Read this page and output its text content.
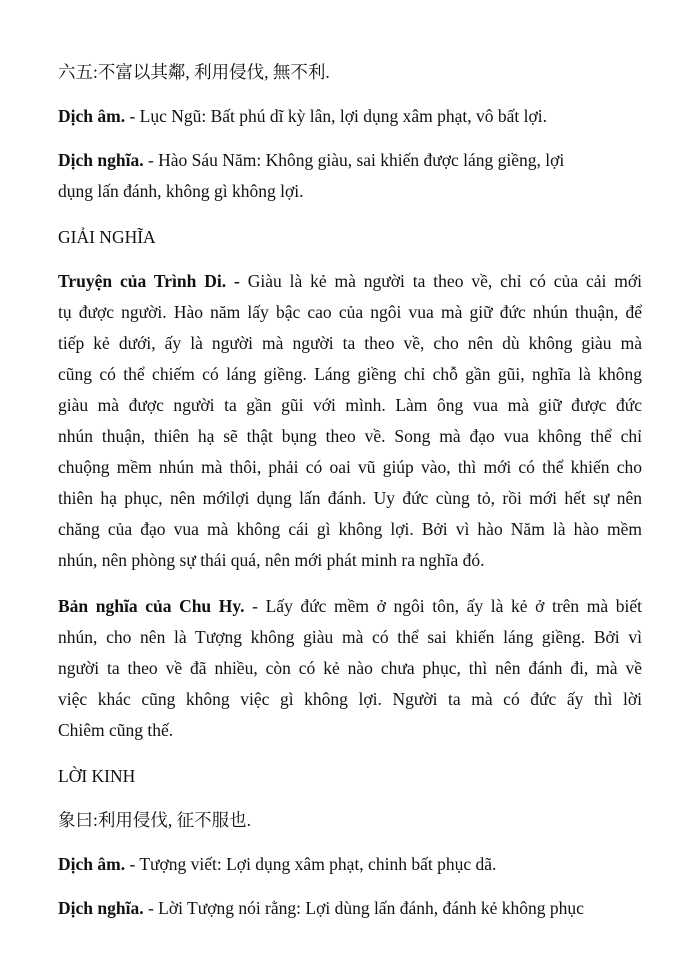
六五:不富以其鄰, 利用侵伐, 無不利.
Dịch âm. - Lục Ngũ: Bất phú dĩ kỳ lân, lợi dụng xâm phạt, vô bất lợi.
Dịch nghĩa. - Hào Sáu Năm: Không giàu, sai khiến được láng giềng, lợi
dụng lấn đánh, không gì không lợi.
GIẢI NGHĨA
Truyện của Trình Di. - Giàu là kẻ mà người ta theo về, chỉ có của cải mới
tụ được người. Hào năm lấy bậc cao của ngôi vua mà giữ đức nhún thuận, để
tiếp kẻ dưới, ấy là người mà người ta theo về, cho nên dù không giàu mà
cũng có thể chiếm có láng giềng. Láng giềng chỉ chỗ gần gũi, nghĩa là không
giàu mà được người ta gần gũi với mình. Làm ông vua mà giữ được đức
nhún thuận, thiên hạ sẽ thật bụng theo về. Song mà đạo vua không thể chỉ
chuộng mềm nhún mà thôi, phải có oai vũ giúp vào, thì mới có thể khiến cho
thiên hạ phục, nên mớilợi dụng lấn đánh. Uy đức cùng tỏ, rồi mới hết sự nên
chăng của đạo vua mà không cái gì không lợi. Bởi vì hào Năm là hào mềm
nhún, nên phòng sự thái quá, nên mới phát minh ra nghĩa đó.
Bản nghĩa của Chu Hy. - Lấy đức mềm ở ngôi tôn, ấy là kẻ ở trên mà biết
nhún, cho nên là Tượng không giàu mà có thể sai khiến láng giềng. Bởi vì
người ta theo về đã nhiều, còn có kẻ nào chưa phục, thì nên đánh đi, mà về
việc khác cũng không việc gì không lợi. Người ta mà có đức ấy thì lời
Chiêm cũng thế.
LỜI KINH
象曰:利用侵伐, 征不服也.
Dịch âm. - Tượng viết: Lợi dụng xâm phạt, chinh bất phục dã.
Dịch nghĩa. - Lời Tượng nói rằng: Lợi dùng lấn đánh, đánh kẻ không phục
